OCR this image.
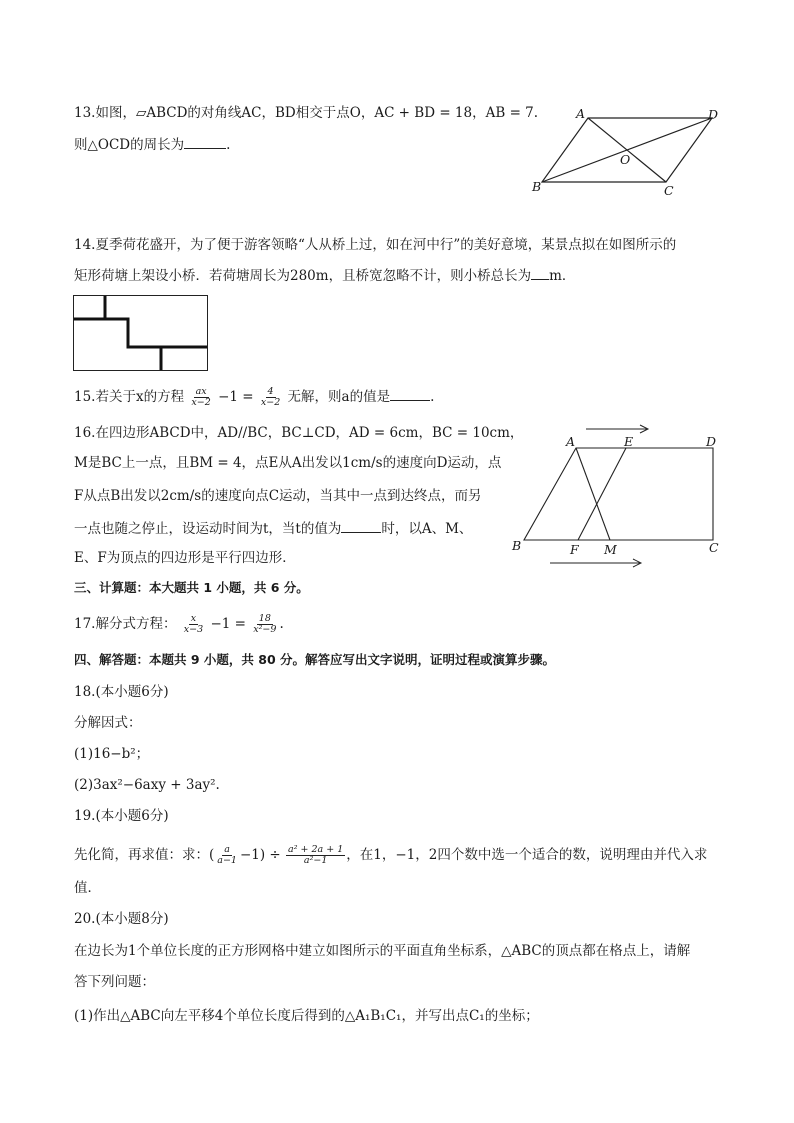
13.如图，▱ABCD的对角线AC，BD相交于点O，AC + BD = 18，AB = 7.
则△OCD的周长为	.
A	D
O
B	C
14.夏季荷花盛开，为了便于游客领略“人从桥上过，如在河中行”的美好意境，某景点拟在如图所示的
矩形荷塘上架设小桥．若荷塘周长为280m，且桥宽忽略不计，则小桥总长为 m．
15.若关于x的方程 $\frac{ax}{x-2} -1 = \frac{4}{x-2}$ 无解，则a的值是	.
16.在四边形ABCD中，AD//BC，BC⊥CD，AD = 6cm，BC = 10cm，
M是BC上一点，且BM = 4，点E从A出发以1cm/s的速度向D运动，点
F从点B出发以2cm/s的速度向点C运动，当其中一点到达终点，而另
一点也随之停止，设运动时间为t，当t的值为	时，以A、M、
E、F为顶点的四边形是平行四边形．
A	E	D
B	F M	C
三、计算题：本大题共 1 小题，共 6 分。
17.解分式方程： $\frac{x}{x-3} -1 = \frac{18}{\text{x²−9}}$ .
四、解答题：本题共 9 小题，共 80 分。解答应写出文字说明，证明过程或演算步骤。
18.(本小题6分)
分解因式：
(1)16−b²；
(2)3ax²−6axy + 3ay².
19.(本小题6分)
先化简，再求值：求：( $\frac{a}{a-1} -1) \div \frac{\text{a² + 2a + 1}}{\text{a²−1}}$ ，在1，−1，2四个数中选一个适合的数，说明理由并代入求
值．
20.(本小题8分)
在边长为1个单位长度的正方形网格中建立如图所示的平面直角坐标系，△ABC的顶点都在格点上，请解
答下列问题：
(1)作出△ABC向左平移4个单位长度后得到的△A₁B₁C₁，并写出点C₁的坐标；
